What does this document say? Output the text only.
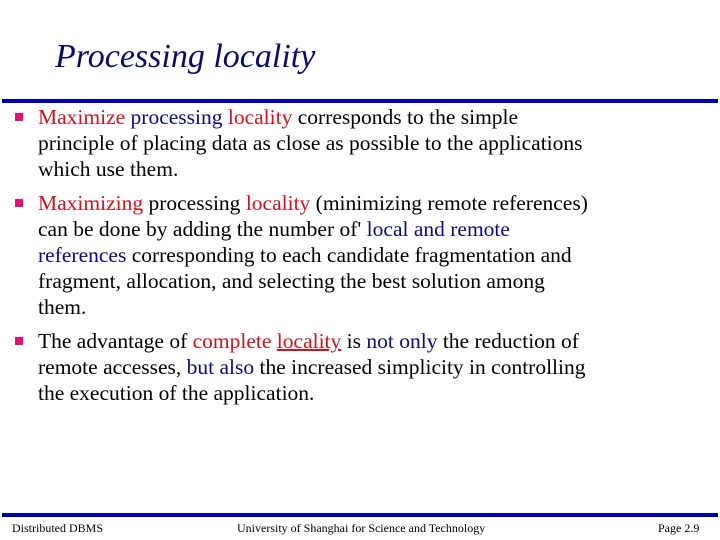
Processing locality
Maximize processing locality corresponds to the simple
principle of placing data as close as possible to the applications
which use them.
Maximizing processing locality (minimizing remote references)
can be done by adding the number of' local and remote
references corresponding to each candidate fragmentation and
fragment, allocation, and selecting the best solution among
them.
The advantage of complete locality is not only the reduction of
remote accesses, but also the increased simplicity in controlling
the execution of the application.
Distributed DBMS	University of Shanghai for Science and Technology	Page 2.9
